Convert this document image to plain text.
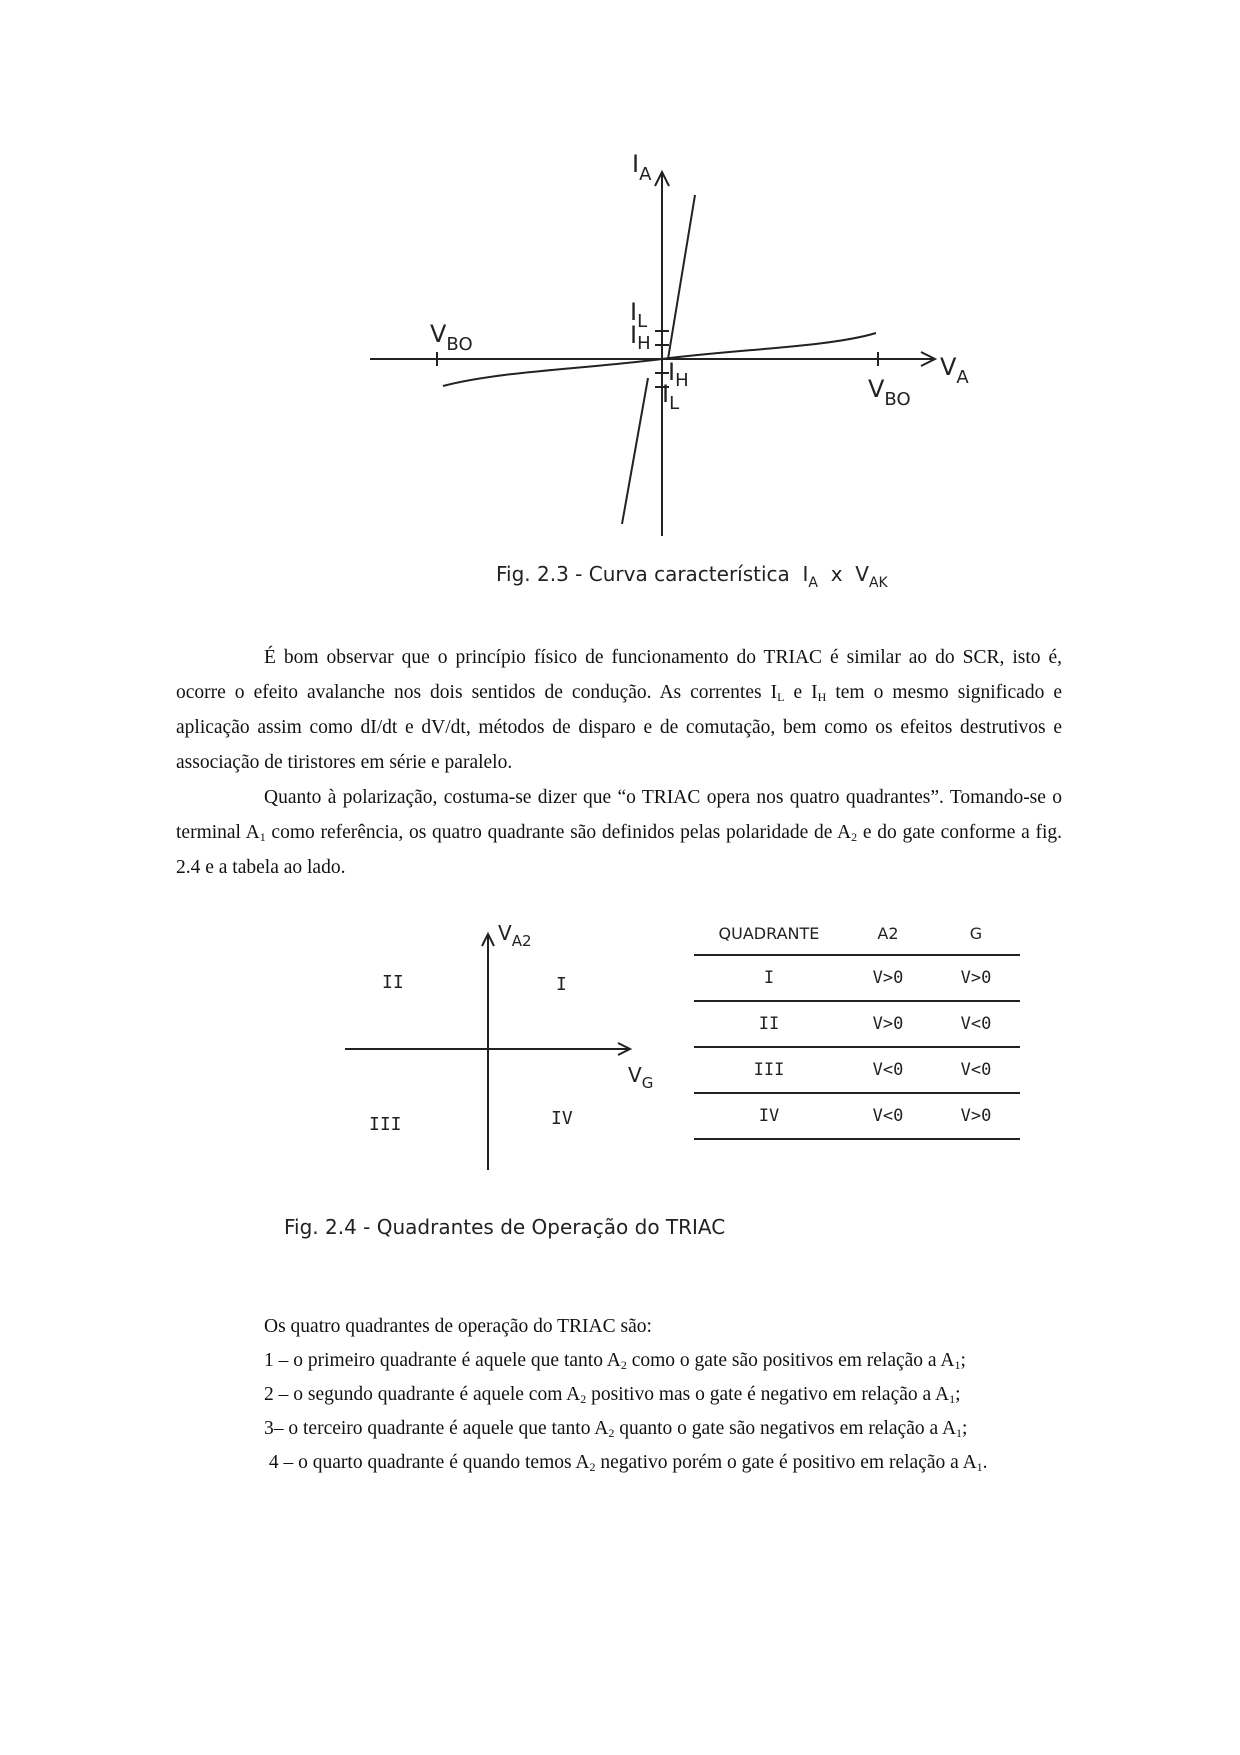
$I_A$
$V_A$
$V_{BO}$
$V_{BO}$
$I_L$
$I_H$
$I_H$
$I_L$
Fig. 2.3 - Curva característica  $I_A$  x  $V_{AK}$

É bom observar que o princípio físico de funcionamento do TRIAC é similar ao do SCR, isto é, ocorre o efeito avalanche nos dois sentidos de condução. As correntes $I_L$ e $I_H$ tem o mesmo significado e aplicação assim como dI/dt e dV/dt, métodos de disparo e de comutação, bem como os efeitos destrutivos e associação de tiristores em série e paralelo.

Quanto à polarização, costuma-se dizer que “o TRIAC opera nos quatro quadrantes”. Tomando-se o terminal $A_1$ como referência, os quatro quadrante são definidos pelas polaridade de $A_2$ e do gate conforme a fig. 2.4 e a tabela ao lado.

$V_{A2}$
$V_G$
I
II
III	IV
QUADRANTE	A2	G
I	V>0	V>0
II	V>0	V<0
III	V<0	V<0
IV	V<0	V>0
Fig. 2.4 - Quadrantes de Operação do TRIAC
Os quatro quadrantes de operação do TRIAC são:
1 – o primeiro quadrante é aquele que tanto $A_2$ como o gate são positivos em relação a $A_1$;
2 – o segundo quadrante é aquele com $A_2$ positivo mas o gate é negativo em relação a $A_1$;
3– o terceiro quadrante é aquele que tanto $A_2$ quanto o gate são negativos em relação a $A_1$;
4 – o quarto quadrante é quando temos $A_2$ negativo porém o gate é positivo em relação a $A_1$.
